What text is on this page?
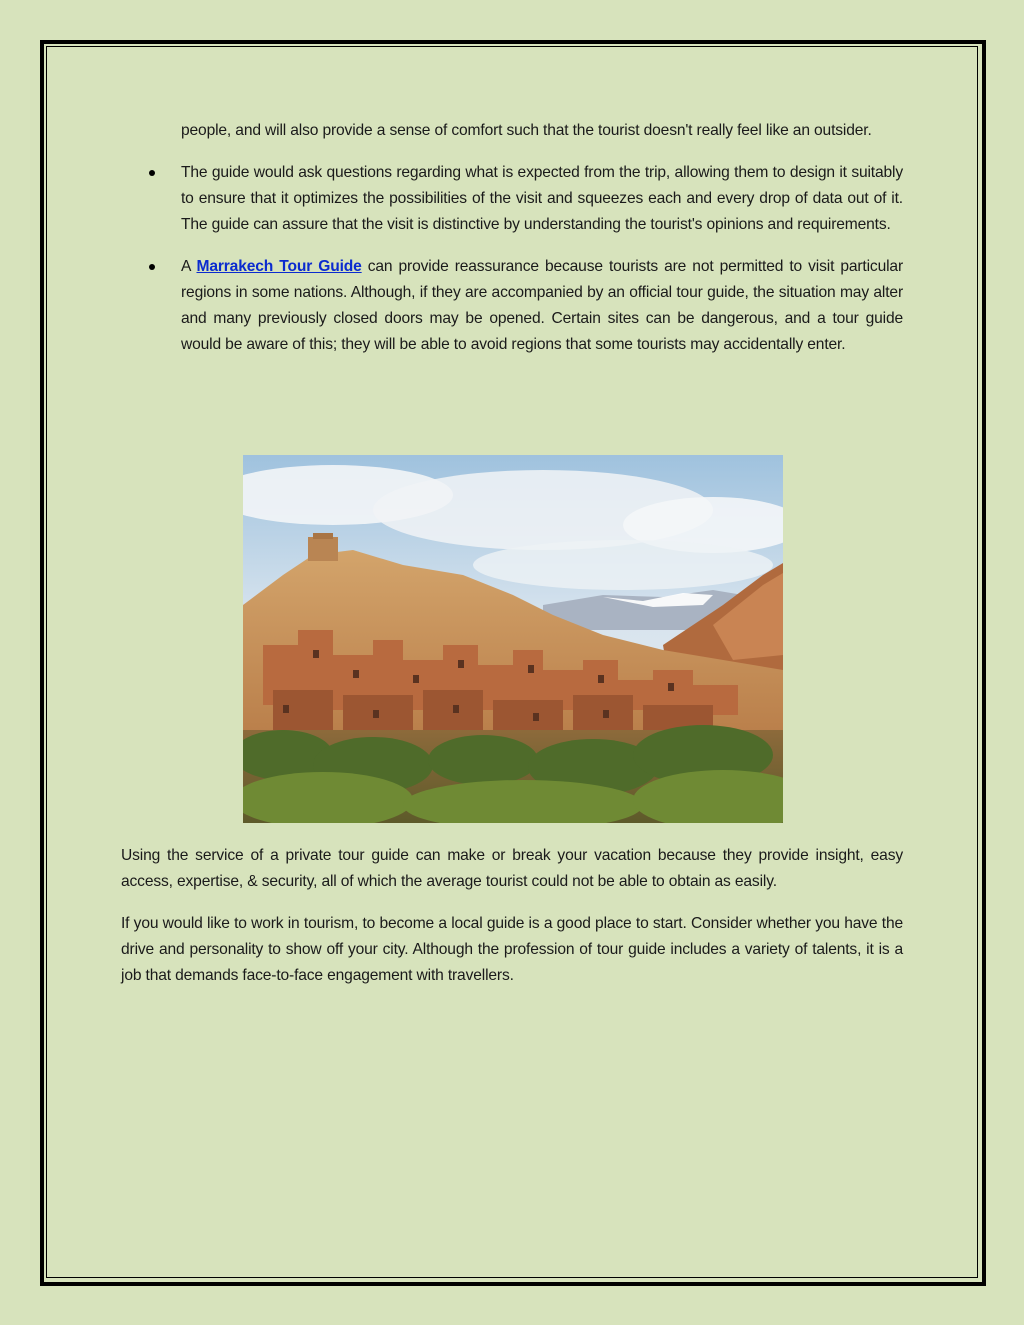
people, and will also provide a sense of comfort such that the tourist doesn't really feel like an outsider.

The guide would ask questions regarding what is expected from the trip, allowing them to design it suitably to ensure that it optimizes the possibilities of the visit and squeezes each and every drop of data out of it. The guide can assure that the visit is distinctive by understanding the tourist's opinions and requirements.
A Marrakech Tour Guide can provide reassurance because tourists are not permitted to visit particular regions in some nations. Although, if they are accompanied by an official tour guide, the situation may alter and many previously closed doors may be opened. Certain sites can be dangerous, and a tour guide would be aware of this; they will be able to avoid regions that some tourists may accidentally enter.

Using the service of a private tour guide can make or break your vacation because they provide insight, easy access, expertise, & security, all of which the average tourist could not be able to obtain as easily.

If you would like to work in tourism, to become a local guide is a good place to start. Consider whether you have the drive and personality to show off your city. Although the profession of tour guide includes a variety of talents, it is a job that demands face-to-face engagement with travellers.
